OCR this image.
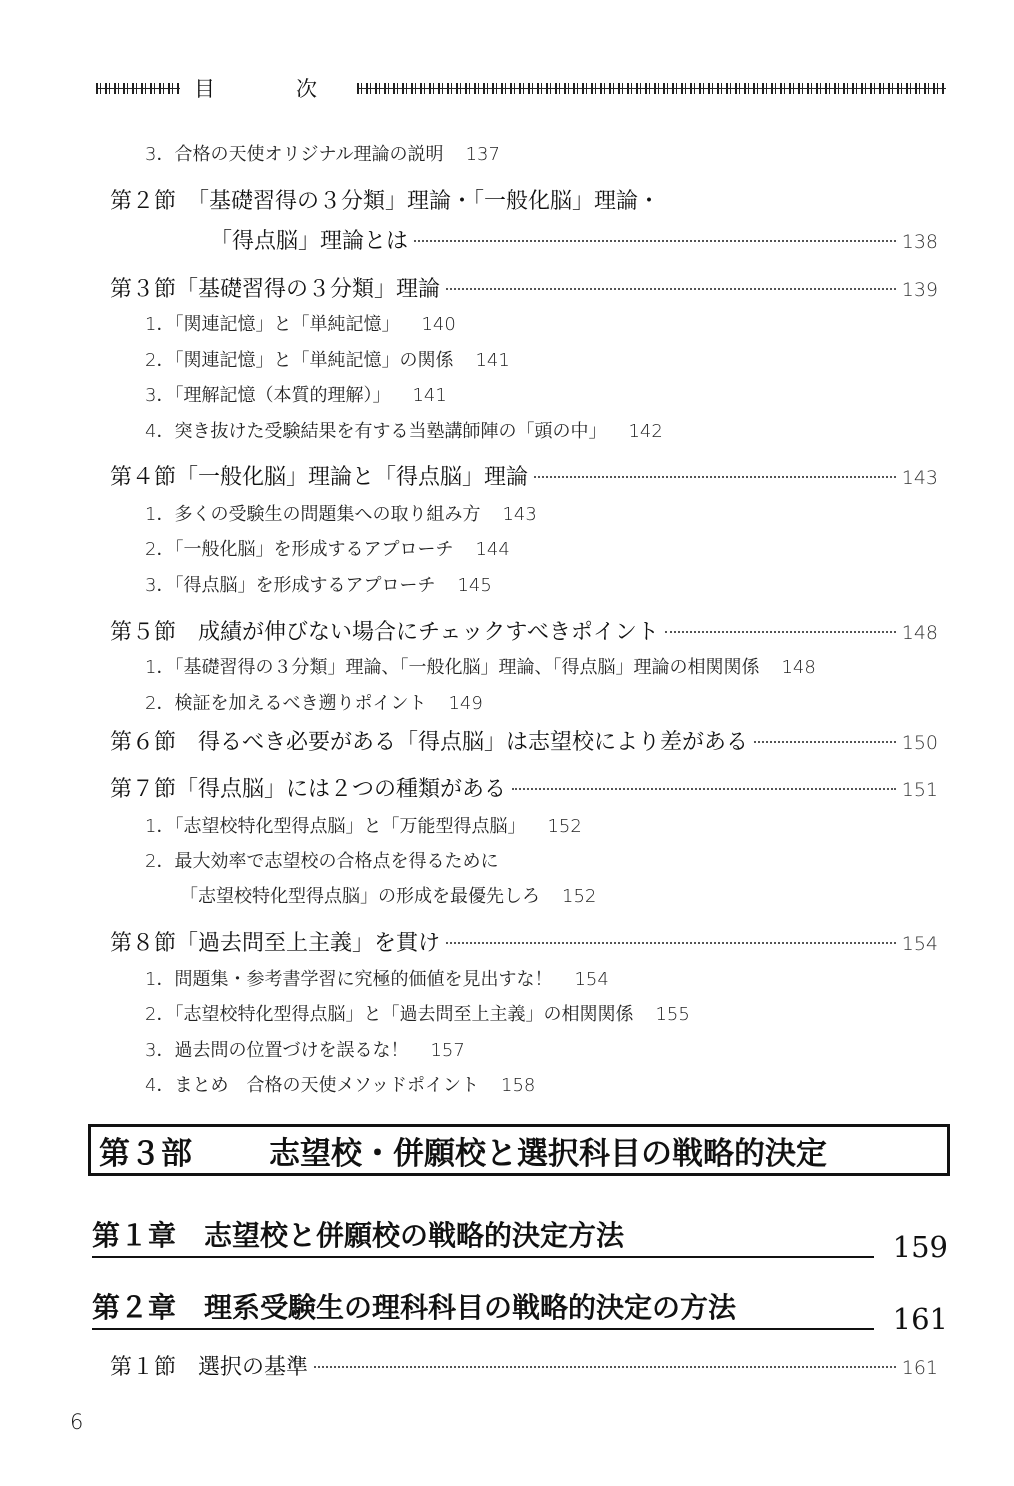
目　次
3．合格の天使オリジナル理論の説明 137
第２節　「基礎習得の３分類」理論・「一般化脳」理論・
「得点脳」理論とは	138
第３節「基礎習得の３分類」理論	139
1．「関連記憶」と「単純記憶」 140
2．「関連記憶」と「単純記憶」の関係 141
3．「理解記憶（本質的理解）」 141
4．突き抜けた受験結果を有する当塾講師陣の「頭の中」 142
第４節「一般化脳」理論と「得点脳」理論	143
1．多くの受験生の問題集への取り組み方 143
2．「一般化脳」を形成するアプローチ 144
3．「得点脳」を形成するアプローチ 145
第５節　成績が伸びない場合にチェックすべきポイント	148
1．「基礎習得の３分類」理論、「一般化脳」理論、「得点脳」理論の相関関係 148
2．検証を加えるべき遡りポイント 149
第６節　得るべき必要がある「得点脳」は志望校により差がある	150
第７節「得点脳」には２つの種類がある	151
1．「志望校特化型得点脳」と「万能型得点脳」 152
2．最大効率で志望校の合格点を得るために
「志望校特化型得点脳」の形成を最優先しろ 152
第８節「過去問至上主義」を貫け	154
1．問題集・参考書学習に究極的価値を見出すな！ 154
2．「志望校特化型得点脳」と「過去問至上主義」の相関関係 155
3．過去問の位置づけを誤るな！ 157
4．まとめ　合格の天使メソッドポイント 158
第３部	志望校・併願校と選択科目の戦略的決定
第１章　志望校と併願校の戦略的決定方法	159
第２章　理系受験生の理科科目の戦略的決定の方法	161
第１節　選択の基準	161
6
